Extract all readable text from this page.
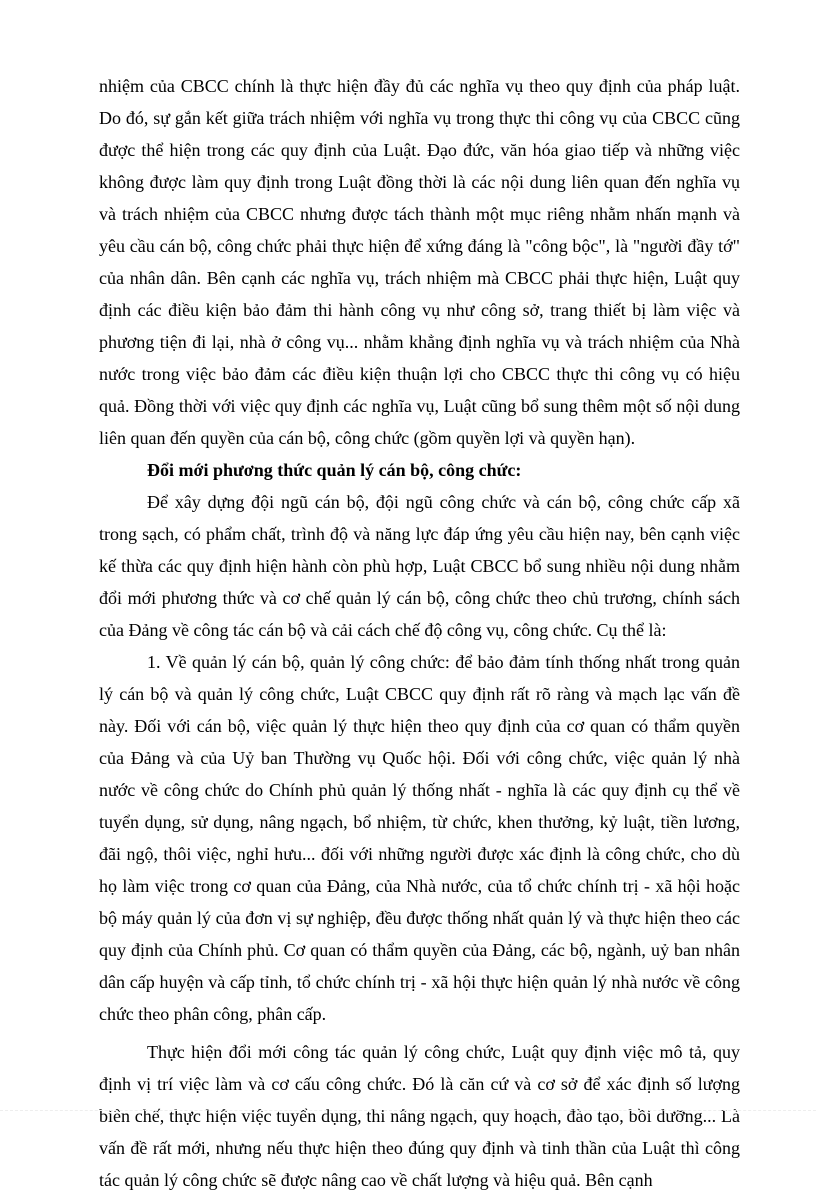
nhiệm của CBCC chính là thực hiện đầy đủ các nghĩa vụ theo quy định của pháp luật. Do đó, sự gắn kết giữa trách nhiệm với nghĩa vụ trong thực thi công vụ của CBCC cũng được thể hiện trong các quy định của Luật. Đạo đức, văn hóa giao tiếp và những việc không được làm quy định trong Luật đồng thời là các nội dung liên quan đến nghĩa vụ và trách nhiệm của CBCC nhưng được tách thành một mục riêng nhằm nhấn mạnh và yêu cầu cán bộ, công chức phải thực hiện để xứng đáng là "công bộc", là "người đầy tớ" của nhân dân. Bên cạnh các nghĩa vụ, trách nhiệm mà CBCC phải thực hiện, Luật quy định các điều kiện bảo đảm thi hành công vụ như công sở, trang thiết bị làm việc và phương tiện đi lại, nhà ở công vụ... nhằm khẳng định nghĩa vụ và trách nhiệm của Nhà nước trong việc bảo đảm các điều kiện thuận lợi cho CBCC thực thi công vụ có hiệu quả. Đồng thời với việc quy định các nghĩa vụ, Luật cũng bổ sung thêm một số nội dung liên quan đến quyền của cán bộ, công chức (gồm quyền lợi và quyền hạn).

Đổi mới phương thức quản lý cán bộ, công chức:

Để xây dựng đội ngũ cán bộ, đội ngũ công chức và cán bộ, công chức cấp xã trong sạch, có phẩm chất, trình độ và năng lực đáp ứng yêu cầu hiện nay, bên cạnh việc kế thừa các quy định hiện hành còn phù hợp, Luật CBCC bổ sung nhiều nội dung nhằm đổi mới phương thức và cơ chế quản lý cán bộ, công chức theo chủ trương, chính sách của Đảng về công tác cán bộ và cải cách chế độ công vụ, công chức. Cụ thể là:

1. Về quản lý cán bộ, quản lý công chức: để bảo đảm tính thống nhất trong quản lý cán bộ và quản lý công chức, Luật CBCC quy định rất rõ ràng và mạch lạc vấn đề này. Đối với cán bộ, việc quản lý thực hiện theo quy định của cơ quan có thẩm quyền của Đảng và của Uỷ ban Thường vụ Quốc hội. Đối với công chức, việc quản lý nhà nước về công chức do Chính phủ quản lý thống nhất - nghĩa là các quy định cụ thể về tuyển dụng, sử dụng, nâng ngạch, bổ nhiệm, từ chức, khen thưởng, kỷ luật, tiền lương, đãi ngộ, thôi việc, nghỉ hưu... đối với những người được xác định là công chức, cho dù họ làm việc trong cơ quan của Đảng, của Nhà nước, của tổ chức chính trị - xã hội hoặc bộ máy quản lý của đơn vị sự nghiệp, đều được thống nhất quản lý và thực hiện theo các quy định của Chính phủ. Cơ quan có thẩm quyền của Đảng, các bộ, ngành, uỷ ban nhân dân cấp huyện và cấp tỉnh, tổ chức chính trị - xã hội thực hiện quản lý nhà nước về công chức theo phân công, phân cấp.

Thực hiện đổi mới công tác quản lý công chức, Luật quy định việc mô tả, quy định vị trí việc làm và cơ cấu công chức. Đó là căn cứ và cơ sở để xác định số lượng biên chế, thực hiện việc tuyển dụng, thi nâng ngạch, quy hoạch, đào tạo, bồi dưỡng... Là vấn đề rất mới, nhưng nếu thực hiện theo đúng quy định và tinh thần của Luật thì công tác quản lý công chức sẽ được nâng cao về chất lượng và hiệu quả. Bên cạnh
